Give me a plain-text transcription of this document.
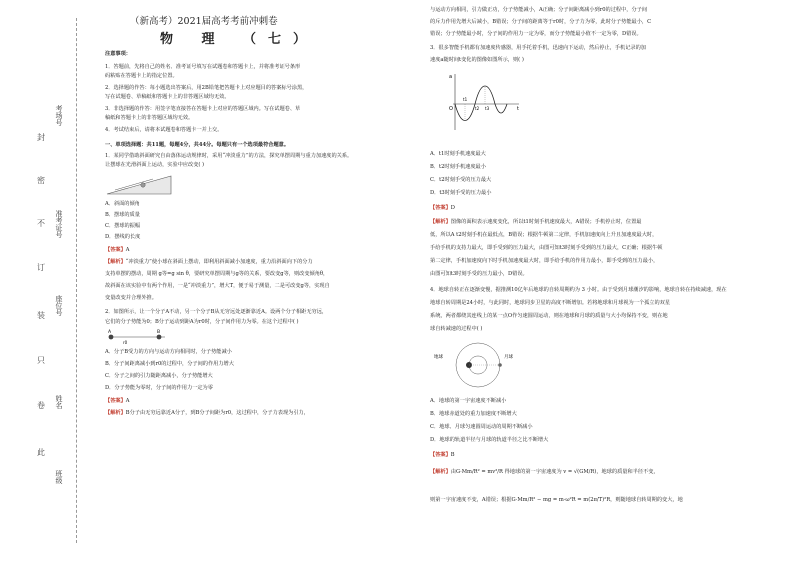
准考证号
考场号
座位号
姓名
班级
封
密
不
订
装
只
卷
此
（新高考）2021届高考考前冲刺卷
物 理 （七）
注意事项：
1．答题前，先将自己的姓名、准考证号填写在试题卷和答题卡上，并将准考证号条形
码粘贴在答题卡上的指定位置。
2．选择题的作答：每小题选出答案后，用2B铅笔把答题卡上对应题目的答案标号涂黑，
写在试题卷、草稿纸和答题卡上的非答题区域均无效。
3．非选择题的作答：用签字笔直接答在答题卡上对应的答题区域内。写在试题卷、草
稿纸和答题卡上的非答题区域均无效。
4．考试结束后，请将本试题卷和答题卡一并上交。
一、单项选择题：共11题，每题4分，共44分。每题只有一个选项最符合题意。
1．某同学借助斜面研究自由落体运动规律时，采用“冲淡重力”的方法，探究单摆周期与重力加速度的关系。
让摆球在光滑斜面上运动，实验中应改变( )
A．斜面的倾角
B．摆球的质量
C．摆球的振幅
D．摆线的长度
【答案】A
【解析】“冲淡重力”使小球在斜面上摆动，即利用斜面减小加速度，重力沿斜面向下的分力
支持单摆的摆动，周期 g等=g sin θ，要研究单摆周期与g等的关系，要改变g等，则改变倾角θ，
故斜面在该实验中有两个作用，一是“冲淡重力”，增大T，便于易于测量，二是可改变g等，实现自
变量改变并合理外推。
2．如图所示，让一个分子A不动，另一个分子B从无穷远处逐渐靠近A。设两个分子相距无穷远，
它们的分子势能为0；B分子运动到距A为r0时，分子间作用力为零。在这个过程中( )
A	B
r0
A．分子B受力的方向与运动方向相同时，分子势能减小
B．分子间距离减小到r0的过程中，分子间的作用力增大
C．分子之间的引力随距离减小，分子势能增大
D．分子势能为零时，分子间的作用力一定为零
【答案】A
【解析】B分子由无穷远靠近A分子，到B分子间距为r0，这过程中，分子力表现为引力，
与运动方向相同，引力做正功，分子势能减小，A正确；分子间距离减小到r0的过程中，分子间
的斥力作用先增大后减小，B错误；分子间的距离等于r0时，分子力为零，此时分子势能最小，C
错误；分子势能最小时，分子间的作用力一定为零，而分子势能最小值不一定为零，D错误。
3．很多智能手机都有加速度传感器，用手托着手机，迅速向下运动，然后停止，手机记录的加
速度a随时间t变化的图像如图所示，则( )
a
t
O
t1
t2 t3
A．t1时刻手机速度最大
B．t2时刻手机速度最小
C．t2时刻手受的压力最大
D．t3时刻手受的压力最小
【答案】D
【解析】图像的面积表示速度变化，所以t1时刻手机速度最大，A错误；手机停止时，位置最
低，所以A t2时刻手机在最低点，B错误；根据牛顿第二定律，手机加速度向上升且加速度最大时，
手给手机的支持力最大，即手受到的压力最大，由图可知t3时刻手受到的压力最大，C正确；根据牛顿
第二定律，手机加速度向下时手机加速度最大时，即手给手机的作用力最小，即手受到的压力最小，
由图可知t3时刻手受的压力最小，D错误。
4．地球自转正在逐渐变慢，据推测10亿年后地球的自转周期约为 3 小时。由于受到月球潮汐的影响，地球自转在持续减速，现在
地球自转周期是24小时，与此同时，地球同步卫星的高度不断增加。若将地球和月球视为一个孤立的双星
系统，两者都绕其连线上的某一点O作匀速圆周运动，则在地球和月球的质量与大小均保持不变，则在地
球自转减速的过程中( )
地球	月球
A．地球的第一宇宙速度不断减小
B．地球赤道处的重力加速度不断增大
C．地球、月球匀速圆周运动的周期不断减小
D．地球的轨道半径与月球的轨道半径之比不断增大
【答案】B
【解析】由G·Mm/R² = mv²/R 得地球的第一宇宙速度为 v = √(GM/R)，地球的质量和半径不变，
则第一宇宙速度不变，A错误；根据G·Mm/R² − mg = m·ω²R = m(2π/T)²R，则随地球自转周期的变大，地
